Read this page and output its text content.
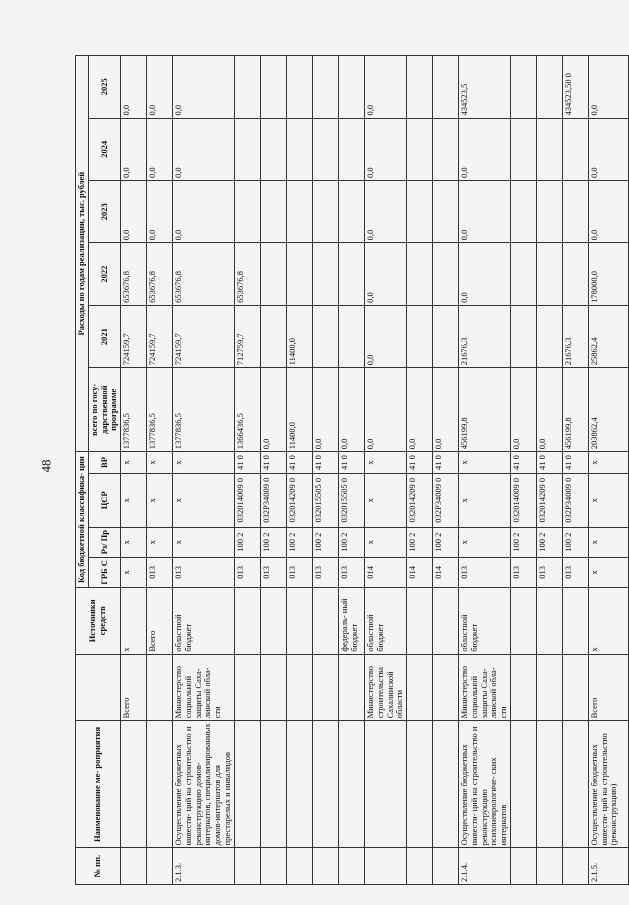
48
№ пп.	Наименование ме- роприятия		Источники средств	Код бюджетной классифика- ции				Расходы по годам реализации, тыс. рублей					
				ГРБ С	Рз/ Пр	ЦСР	ВР	всего по госу- дарственной программе	2021	2022	2023	2024	2025
		Всего	х	х	х	х	х	1377836,5	724159,7	653676,8	0,0	0,0	0,0
			Всего	013	х	х	х	1377836,5	724159,7	653676,8	0,0	0,0	0,0
2.1.3.	Осуществление бюджетных инвести- ций на строительство и реконструкцию домов-интернатов, специализированных домов-интернатов для престарелых и инвалидов	Министерство социальной защиты Саха- линской обла- сти	областной бюджет	013	х	х	х	1377836,5	724159,7	653676,8	0,0	0,0	0,0
				013	100 2	032014009 0	41 0	1366436,5	712759,7	653676,8			
				013	100 2	032P34009 0	41 0	0,0					
				013	100 2	032014209 0	41 0	11400,0	11400,0				
				013	100 2	032015505 0	41 0	0,0					
			федераль- ный бюджет	013	100 2	032015505 0	41 0	0,0					
		Министерство строительства Сахалинской области	областной бюджет	014	х	х	х	0,0	0,0	0,0	0,0	0,0	0,0
				014	100 2	032014209 0	41 0	0,0					
				014	100 2	032P34009 0	41 0	0,0					
2.1.4.	Осуществление бюджетных инвести- ций на строительство и реконструкцию психоневрологиче- ских интернатов	Министерство социальной защиты Саха- линской обла- сти	областной бюджет	013	х	х	х	456199,8	21676,3	0,0	0,0	0,0	434523,5
				013	100 2	032014009 0	41 0	0,0					
				013	100 2	032014209 0	41 0	0,0					
				013	100 2	032P34009 0	41 0	456199,8	21676,3				434523,50 0
2.1.5.	Осуществление бюджетных инвести- ций на строительство (реконструкцию)	Всего	х	х	х	х	х	203862,4	25862,4	178000,0	0,0	0,0	0,0
